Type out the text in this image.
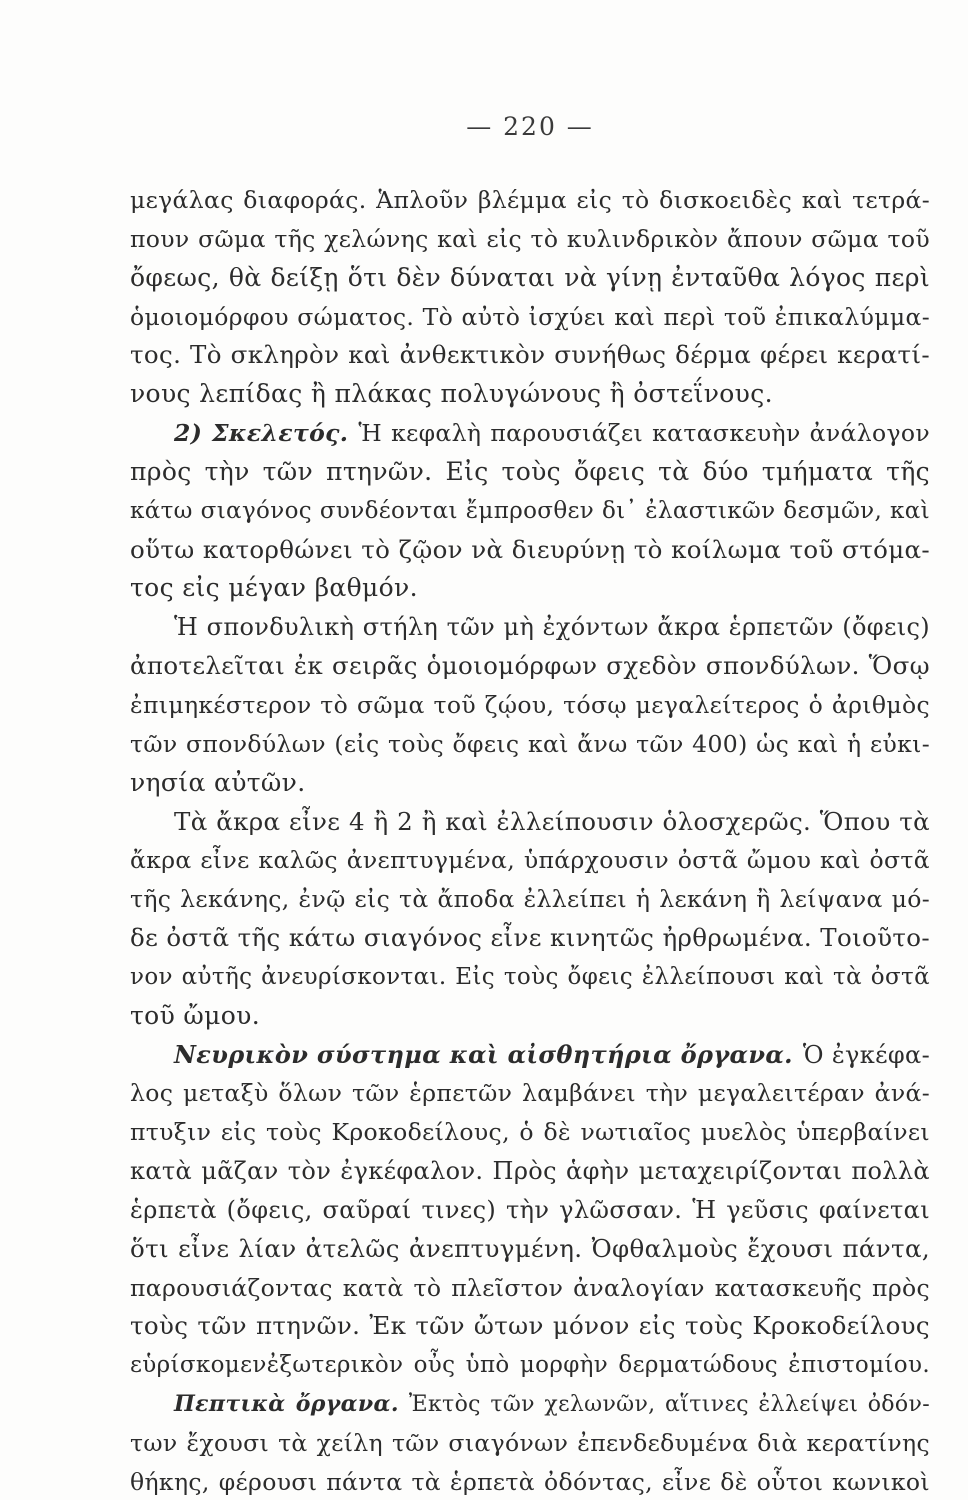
— 220 —
μεγάλας διαφοράς. Ἁπλοῦν βλέμμα εἰς τὸ δισκοειδὲς καὶ τετρά-
πουν σῶμα τῆς χελώνης καὶ εἰς τὸ κυλινδρικὸν ἄπουν σῶμα τοῦ
ὄφεως, θὰ δείξῃ ὅτι δὲν δύναται νὰ γίνῃ ἐνταῦθα λόγος περὶ
ὁμοιομόρφου σώματος. Τὸ αὐτὸ ἰσχύει καὶ περὶ τοῦ ἐπικαλύμμα-
τος. Τὸ σκληρὸν καὶ ἀνθεκτικὸν συνήθως δέρμα φέρει κερατί-
νους λεπίδας ἢ πλάκας πολυγώνους ἢ ὀστεΐνους.
2) Σκελετός. Ἡ κεφαλὴ παρουσιάζει κατασκευὴν ἀνάλογον
πρὸς τὴν τῶν πτηνῶν. Εἰς τοὺς ὄφεις τὰ δύο τμήματα τῆς
κάτω σιαγόνος συνδέονται ἔμπροσθεν δι᾿ ἐλαστικῶν δεσμῶν, καὶ
οὕτω κατορθώνει τὸ ζῷον νὰ διευρύνῃ τὸ κοίλωμα τοῦ στόμα-
τος εἰς μέγαν βαθμόν.
Ἡ σπονδυλικὴ στήλη τῶν μὴ ἐχόντων ἄκρα ἑρπετῶν (ὄφεις)
ἀποτελεῖται ἐκ σειρᾶς ὁμοιομόρφων σχεδὸν σπονδύλων. Ὅσῳ
ἐπιμηκέστερον τὸ σῶμα τοῦ ζῴου, τόσῳ μεγαλείτερος ὁ ἀριθμὸς
τῶν σπονδύλων (εἰς τοὺς ὄφεις καὶ ἄνω τῶν 400) ὡς καὶ ἡ εὐκι-
νησία αὐτῶν.
Τὰ ἄκρα εἶνε 4 ἢ 2 ἢ καὶ ἐλλείπουσιν ὁλοσχερῶς. Ὅπου τὰ
ἄκρα εἶνε καλῶς ἀνεπτυγμένα, ὑπάρχουσιν ὀστᾶ ὤμου καὶ ὀστᾶ
τῆς λεκάνης, ἐνῷ εἰς τὰ ἄποδα ἐλλείπει ἡ λεκάνη ἢ λείψανα μό-
δε ὀστᾶ τῆς κάτω σιαγόνος εἶνε κινητῶς ἠρθρωμένα. Τοιοῦτο-
νον αὐτῆς ἀνευρίσκονται. Εἰς τοὺς ὄφεις ἐλλείπουσι καὶ τὰ ὀστᾶ
τοῦ ὤμου.
Νευρικὸν σύστημα καὶ αἰσθητήρια ὄργανα. Ὁ ἐγκέφα-
λος μεταξὺ ὅλων τῶν ἑρπετῶν λαμβάνει τὴν μεγαλειτέραν ἀνά-
πτυξιν εἰς τοὺς Κροκοδείλους, ὁ δὲ νωτιαῖος μυελὸς ὑπερβαίνει
κατὰ μᾶζαν τὸν ἐγκέφαλον. Πρὸς ἁφὴν μεταχειρίζονται πολλὰ
ἑρπετὰ (ὄφεις, σαῦραί τινες) τὴν γλῶσσαν. Ἡ γεῦσις φαίνεται
ὅτι εἶνε λίαν ἀτελῶς ἀνεπτυγμένη. Ὀφθαλμοὺς ἔχουσι πάντα,
παρουσιάζοντας κατὰ τὸ πλεῖστον ἀναλογίαν κατασκευῆς πρὸς
τοὺς τῶν πτηνῶν. Ἐκ τῶν ὤτων μόνον εἰς τοὺς Κροκοδείλους
εὑρίσκομενἐξωτερικὸν οὖς ὑπὸ μορφὴν δερματώδους ἐπιστομίου.
Πεπτικὰ ὄργανα. Ἐκτὸς τῶν χελωνῶν, αἵτινες ἐλλείψει ὀδόν-
των ἔχουσι τὰ χείλη τῶν σιαγόνων ἐπενδεδυμένα διὰ κερατίνης
θήκης, φέρουσι πάντα τὰ ἑρπετὰ ὀδόντας, εἶνε δὲ οὗτοι κωνικοὶ
